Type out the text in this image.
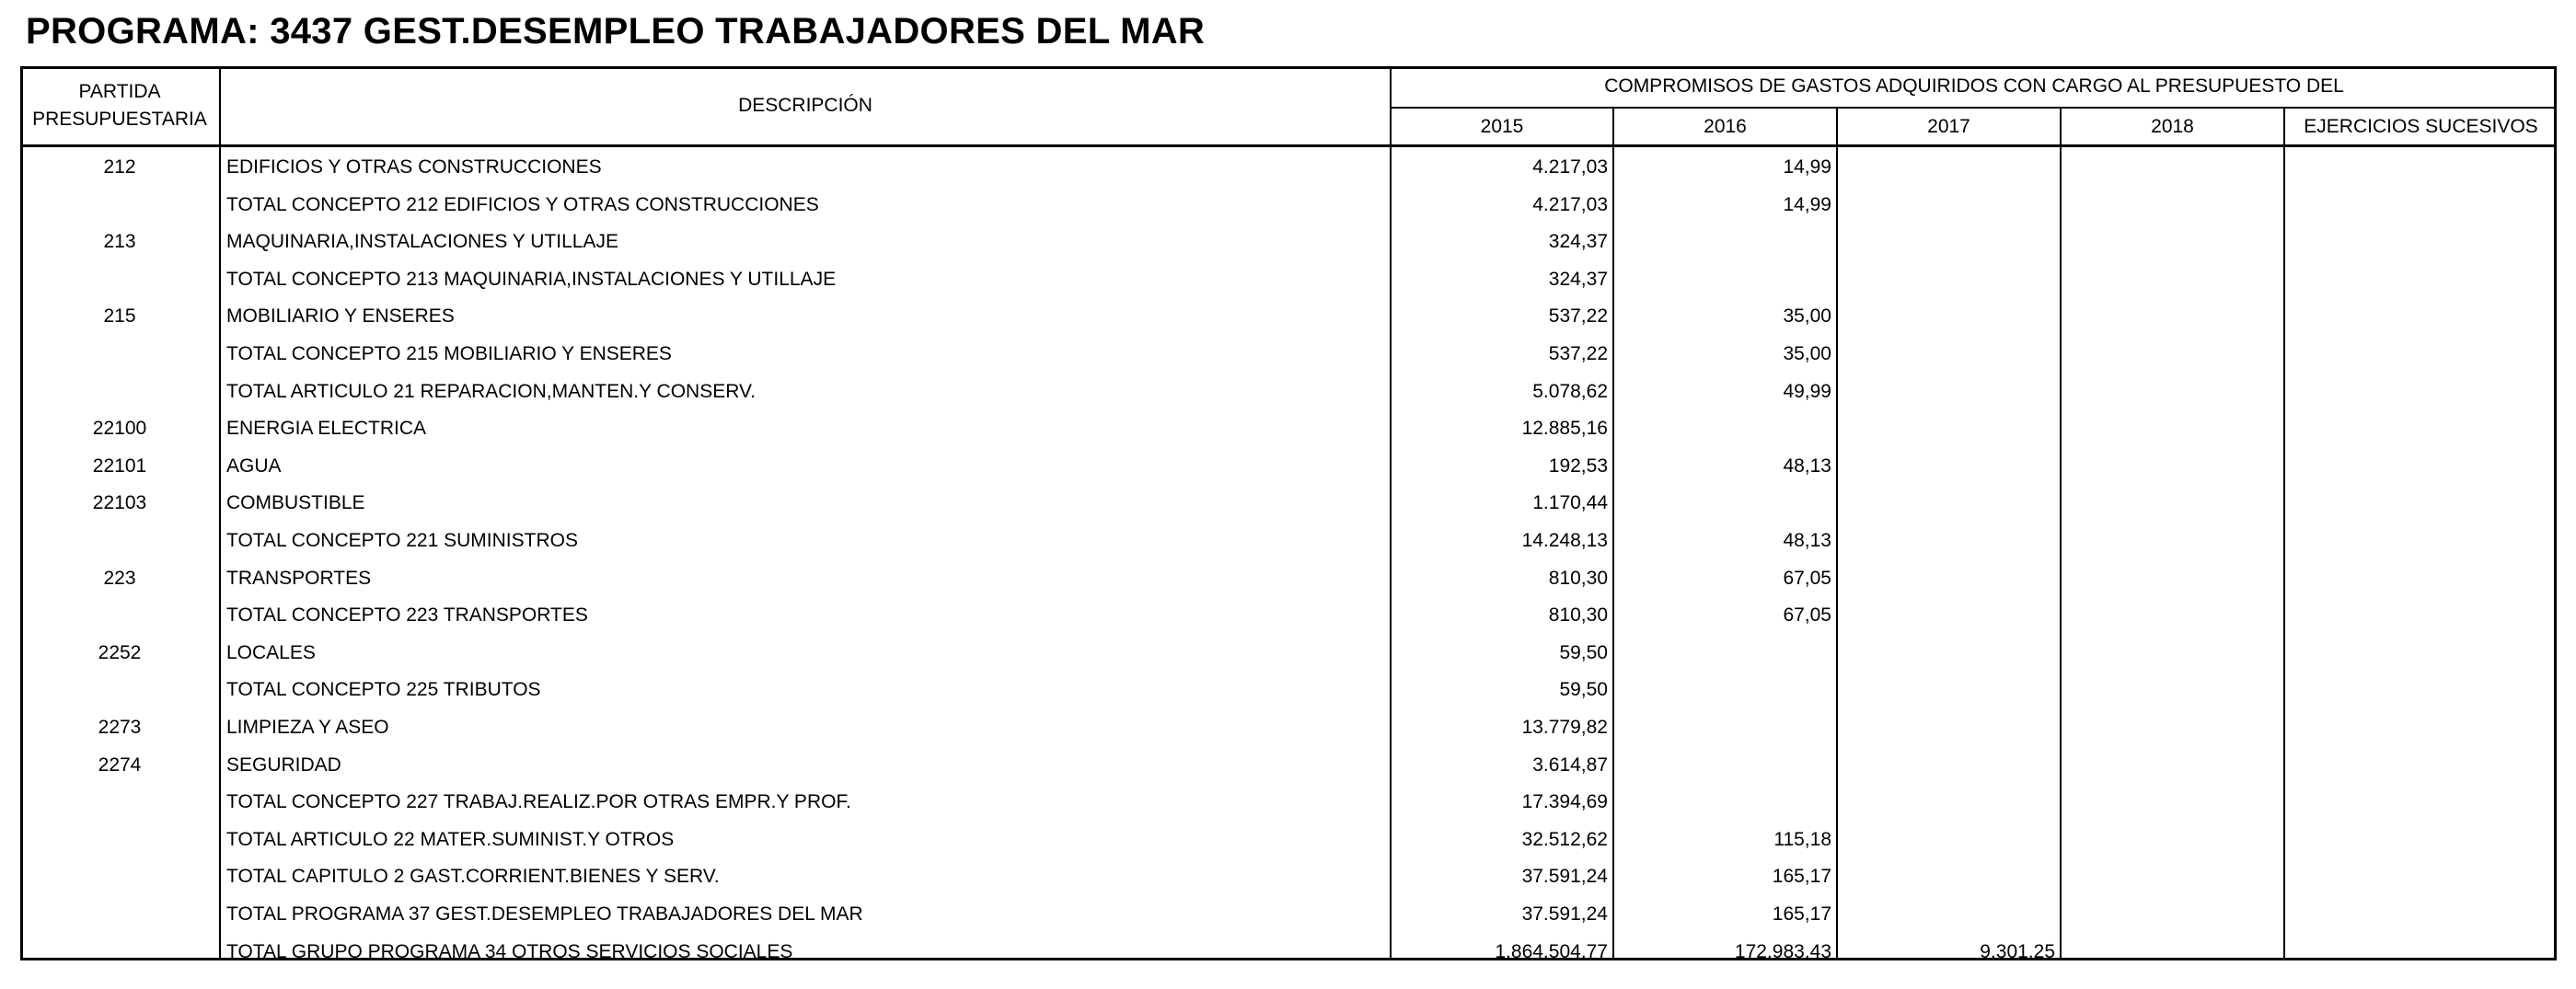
PROGRAMA: 3437 GEST.DESEMPLEO TRABAJADORES DEL MAR
PARTIDA
PRESUPUESTARIA
DESCRIPCIÓN
COMPROMISOS DE GASTOS ADQUIRIDOS CON CARGO AL PRESUPUESTO DEL
2015	2016	2017	2018	EJERCICIOS SUCESIVOS
212	EDIFICIOS Y OTRAS CONSTRUCCIONES	4.217,03	14,99
TOTAL CONCEPTO 212 EDIFICIOS Y OTRAS CONSTRUCCIONES	4.217,03	14,99
213	MAQUINARIA,INSTALACIONES Y UTILLAJE	324,37
TOTAL CONCEPTO 213 MAQUINARIA,INSTALACIONES Y UTILLAJE	324,37
215	MOBILIARIO Y ENSERES	537,22	35,00
TOTAL CONCEPTO 215 MOBILIARIO Y ENSERES	537,22	35,00
TOTAL ARTICULO 21 REPARACION,MANTEN.Y CONSERV.	5.078,62	49,99
22100	ENERGIA ELECTRICA	12.885,16
22101	AGUA	192,53	48,13
22103	COMBUSTIBLE	1.170,44
TOTAL CONCEPTO 221 SUMINISTROS	14.248,13	48,13
223	TRANSPORTES	810,30	67,05
TOTAL CONCEPTO 223 TRANSPORTES	810,30	67,05
2252	LOCALES	59,50
TOTAL CONCEPTO 225 TRIBUTOS	59,50
2273	LIMPIEZA Y ASEO	13.779,82
2274	SEGURIDAD	3.614,87
TOTAL CONCEPTO 227 TRABAJ.REALIZ.POR OTRAS EMPR.Y PROF.	17.394,69
TOTAL ARTICULO 22 MATER.SUMINIST.Y OTROS	32.512,62	115,18
TOTAL CAPITULO 2 GAST.CORRIENT.BIENES Y SERV.	37.591,24	165,17
TOTAL PROGRAMA 37 GEST.DESEMPLEO TRABAJADORES DEL MAR	37.591,24	165,17
TOTAL GRUPO PROGRAMA 34 OTROS SERVICIOS SOCIALES	1.864.504,77	172.983,43	9.301,25
